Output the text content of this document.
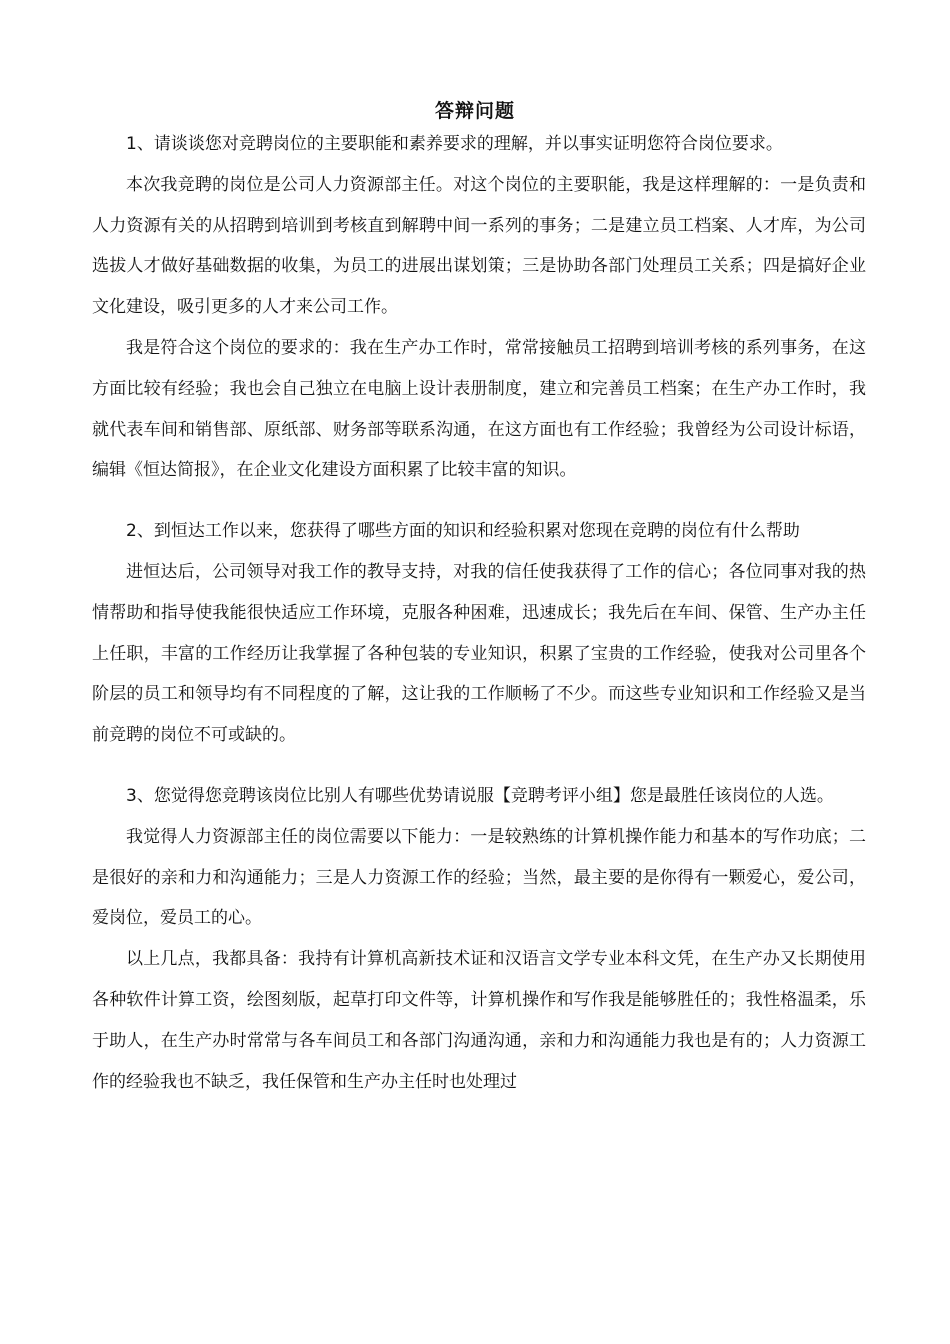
答辩问题

1、请谈谈您对竞聘岗位的主要职能和素养要求的理解，并以事实证明您符合岗位要求。

本次我竞聘的岗位是公司人力资源部主任。对这个岗位的主要职能，我是这样理解的：一是负责和人力资源有关的从招聘到培训到考核直到解聘中间一系列的事务；二是建立员工档案、人才库，为公司选拔人才做好基础数据的收集，为员工的进展出谋划策；三是协助各部门处理员工关系；四是搞好企业文化建设，吸引更多的人才来公司工作。

我是符合这个岗位的要求的：我在生产办工作时，常常接触员工招聘到培训考核的系列事务，在这方面比较有经验；我也会自己独立在电脑上设计表册制度，建立和完善员工档案；在生产办工作时，我就代表车间和销售部、原纸部、财务部等联系沟通，在这方面也有工作经验；我曾经为公司设计标语，编辑《恒达简报》，在企业文化建设方面积累了比较丰富的知识。

2、到恒达工作以来，您获得了哪些方面的知识和经验积累对您现在竞聘的岗位有什么帮助

进恒达后，公司领导对我工作的教导支持，对我的信任使我获得了工作的信心；各位同事对我的热情帮助和指导使我能很快适应工作环境，克服各种困难，迅速成长；我先后在车间、保管、生产办主任上任职，丰富的工作经历让我掌握了各种包装的专业知识，积累了宝贵的工作经验，使我对公司里各个阶层的员工和领导均有不同程度的了解，这让我的工作顺畅了不少。而这些专业知识和工作经验又是当前竞聘的岗位不可或缺的。

3、您觉得您竞聘该岗位比别人有哪些优势请说服【竞聘考评小组】您是最胜任该岗位的人选。

我觉得人力资源部主任的岗位需要以下能力：一是较熟练的计算机操作能力和基本的写作功底；二是很好的亲和力和沟通能力；三是人力资源工作的经验；当然，最主要的是你得有一颗爱心，爱公司，爱岗位，爱员工的心。

以上几点，我都具备：我持有计算机高新技术证和汉语言文学专业本科文凭，在生产办又长期使用各种软件计算工资，绘图刻版，起草打印文件等，计算机操作和写作我是能够胜任的；我性格温柔，乐于助人，在生产办时常常与各车间员工和各部门沟通沟通，亲和力和沟通能力我也是有的；人力资源工作的经验我也不缺乏，我任保管和生产办主任时也处理过
